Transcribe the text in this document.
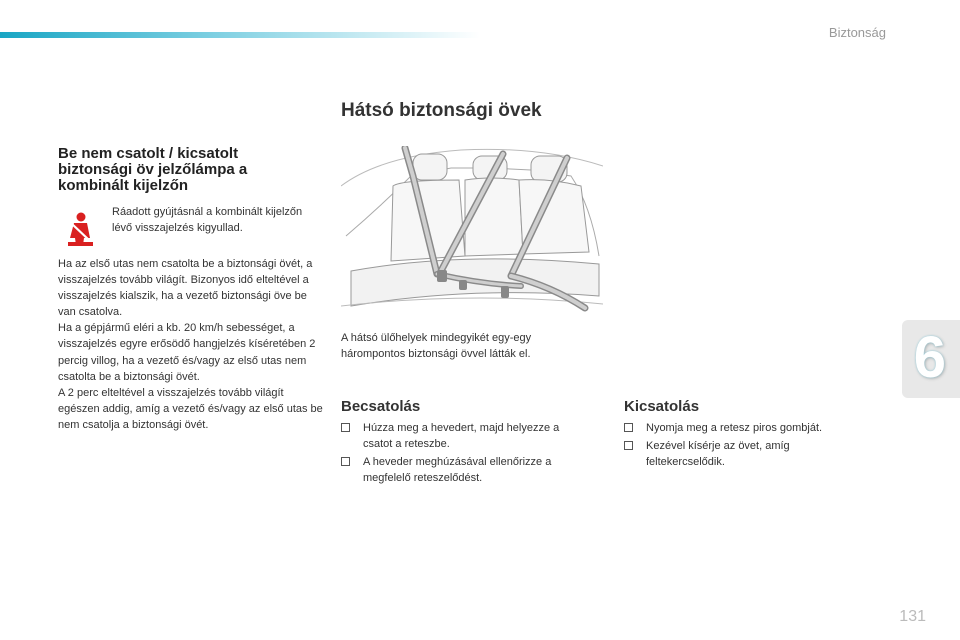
Biztonság
6
Hátsó biztonsági övek
Be nem csatolt / kicsatolt biztonsági öv jelzőlámpa a kombinált kijelzőn
Ráadott gyújtásnál a kombinált kijelzőn lévő visszajelzés kigyullad.
Ha az első utas nem csatolta be a biztonsági övét, a visszajelzés tovább világít. Bizonyos idő elteltével a visszajelzés kialszik, ha a vezető biztonsági öve be van csatolva.
Ha a gépjármű eléri a kb. 20 km/h sebességet, a visszajelzés egyre erősödő hangjelzés kíséretében 2 percig villog, ha a vezető és/vagy az első utas nem csatolta be a biztonsági övét.
A 2 perc elteltével a visszajelzés tovább világít egészen addig, amíg a vezető és/vagy az első utas be nem csatolja a biztonsági övét.
A hátsó ülőhelyek mindegyikét egy-egy hárompontos biztonsági övvel látták el.
Becsatolás
Húzza meg a hevedert, majd helyezze a csatot a reteszbe.
A heveder meghúzásával ellenőrizze a megfelelő reteszelődést.
Kicsatolás
Nyomja meg a retesz piros gombját.
Kezével kísérje az övet, amíg feltekercselődik.
131
